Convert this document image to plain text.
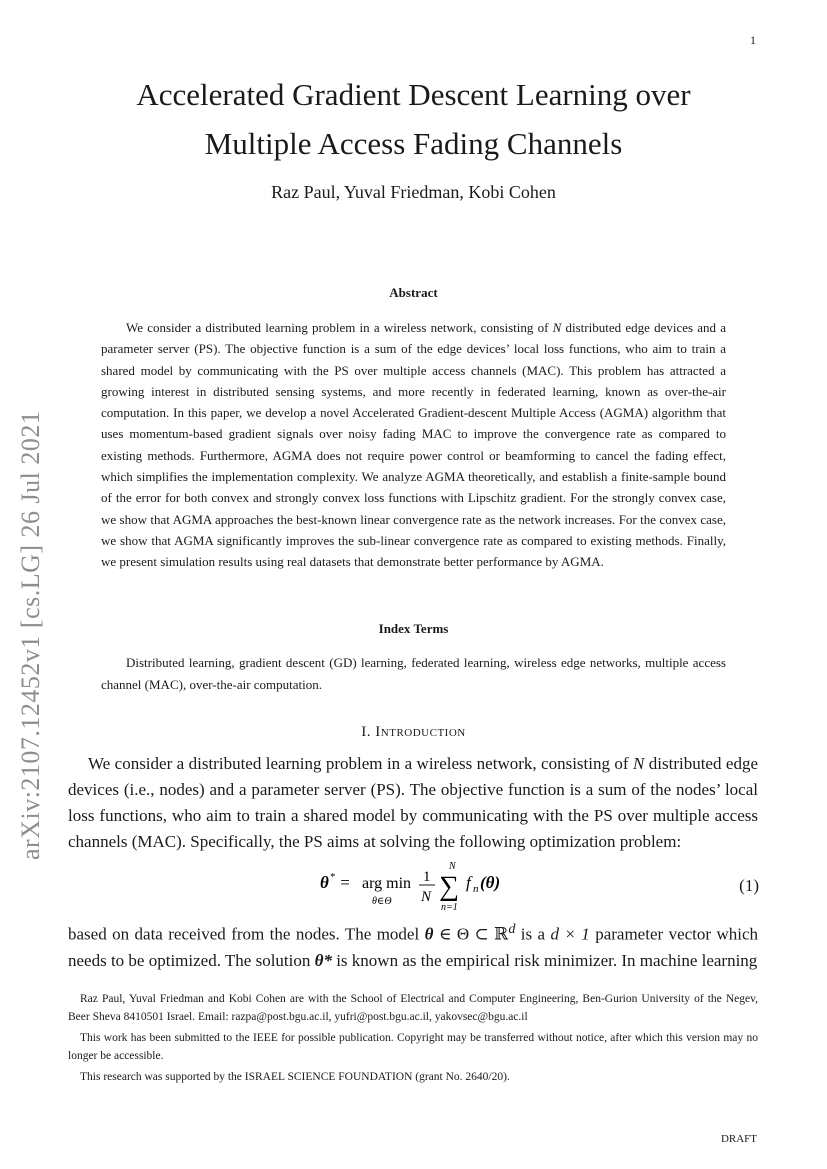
1
arXiv:2107.12452v1 [cs.LG] 26 Jul 2021
Accelerated Gradient Descent Learning over
Multiple Access Fading Channels
Raz Paul, Yuval Friedman, Kobi Cohen
Abstract

We consider a distributed learning problem in a wireless network, consisting of N distributed edge devices and a parameter server (PS). The objective function is a sum of the edge devices’ local loss functions, who aim to train a shared model by communicating with the PS over multiple access channels (MAC). This problem has attracted a growing interest in distributed sensing systems, and more recently in federated learning, known as over-the-air computation. In this paper, we develop a novel Accelerated Gradient-descent Multiple Access (AGMA) algorithm that uses momentum-based gradient signals over noisy fading MAC to improve the convergence rate as compared to existing methods. Furthermore, AGMA does not require power control or beamforming to cancel the fading effect, which simplifies the implementation complexity. We analyze AGMA theoretically, and establish a finite-sample bound of the error for both convex and strongly convex loss functions with Lipschitz gradient. For the strongly convex case, we show that AGMA approaches the best-known linear convergence rate as the network increases. For the convex case, we show that AGMA significantly improves the sub-linear convergence rate as compared to existing methods. Finally, we present simulation results using real datasets that demonstrate better performance by AGMA.

Index Terms

Distributed learning, gradient descent (GD) learning, federated learning, wireless edge networks, multiple access channel (MAC), over-the-air computation.

I. Introduction

We consider a distributed learning problem in a wireless network, consisting of N distributed edge devices (i.e., nodes) and a parameter server (PS). The objective function is a sum of the nodes’ local loss functions, who aim to train a shared model by communicating with the PS over multiple access channels (MAC). Specifically, the PS aims at solving the following optimization problem:

θ * = arg min
θ∈Θ
1
N
N
∑
n=1
f n (θ)	(1)

based on data received from the nodes. The model θ ∈ Θ ⊂ ℝ$^d$ is a d × 1 parameter vector which needs to be optimized. The solution θ* is known as the empirical risk minimizer. In machine learning

Raz Paul, Yuval Friedman and Kobi Cohen are with the School of Electrical and Computer Engineering, Ben-Gurion University of the Negev, Beer Sheva 8410501 Israel. Email: razpa@post.bgu.ac.il, yufri@post.bgu.ac.il, yakovsec@bgu.ac.il

This work has been submitted to the IEEE for possible publication. Copyright may be transferred without notice, after which this version may no longer be accessible.

This research was supported by the ISRAEL SCIENCE FOUNDATION (grant No. 2640/20).

DRAFT
